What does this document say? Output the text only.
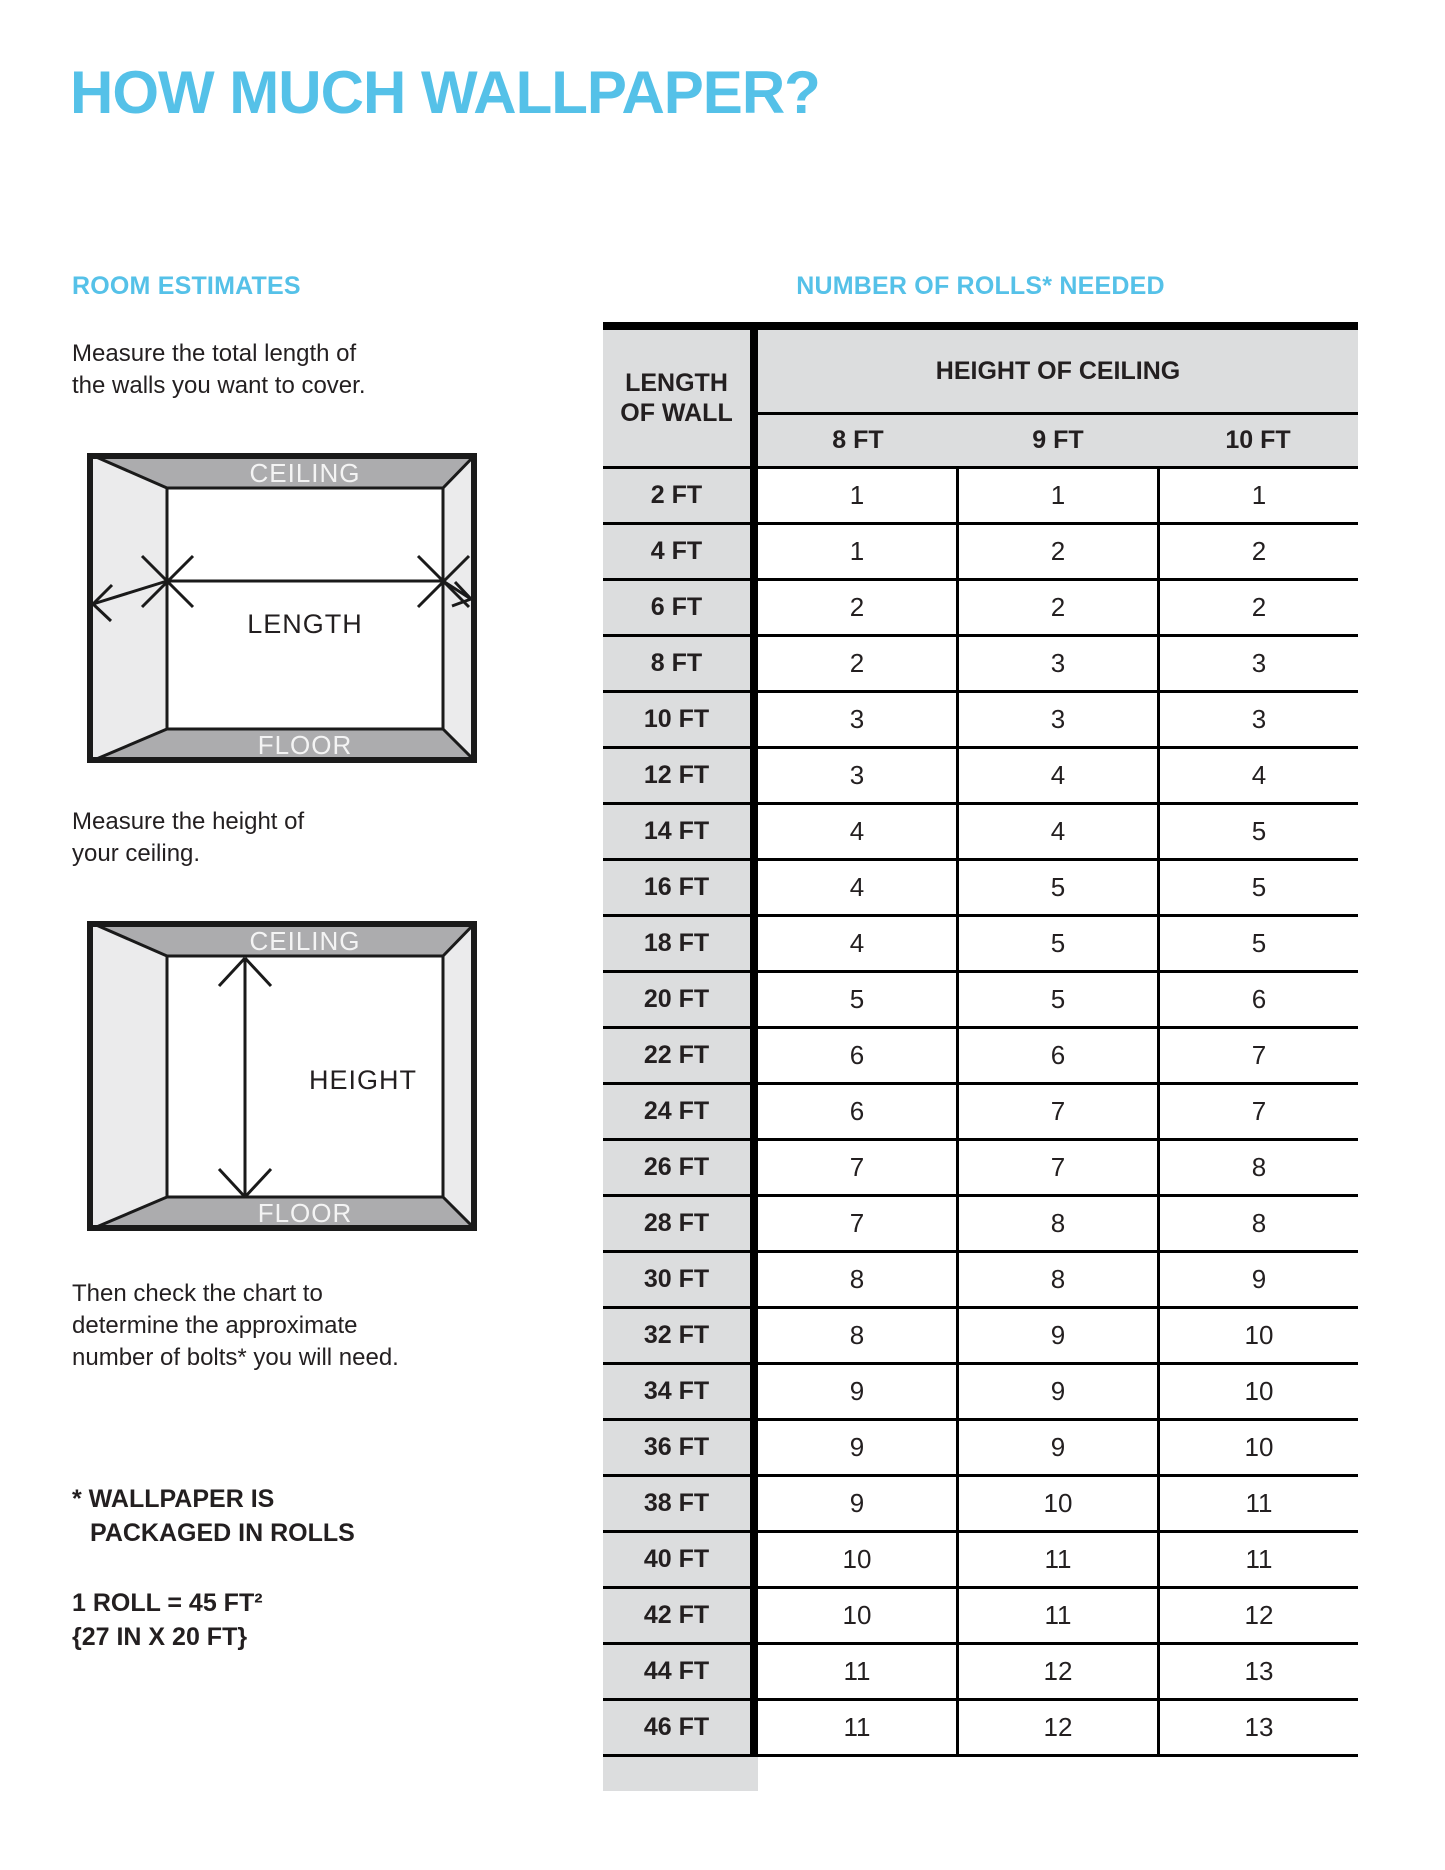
HOW MUCH WALLPAPER?
ROOM ESTIMATES
Measure the total length of
the walls you want to cover.
CEILING
FLOOR
LENGTH
Measure the height of
your ceiling.
CEILING
FLOOR
HEIGHT
Then check the chart to
determine the approximate
number of bolts* you will need.
* WALLPAPER IS
PACKAGED IN ROLLS
1 ROLL = 45 FT²
{27 IN X 20 FT}
NUMBER OF ROLLS* NEEDED
LENGTH
OF WALL
HEIGHT OF CEILING
8 FT	9 FT	10 FT
2 FT	1	1	1
4 FT	1	2	2
6 FT	2	2	2
8 FT	2	3	3
10 FT	3	3	3
12 FT	3	4	4
14 FT	4	4	5
16 FT	4	5	5
18 FT	4	5	5
20 FT	5	5	6
22 FT	6	6	7
24 FT	6	7	7
26 FT	7	7	8
28 FT	7	8	8
30 FT	8	8	9
32 FT	8	9	10
34 FT	9	9	10
36 FT	9	9	10
38 FT	9	10	11
40 FT	10	11	11
42 FT	10	11	12
44 FT	11	12	13
46 FT	11	12	13
